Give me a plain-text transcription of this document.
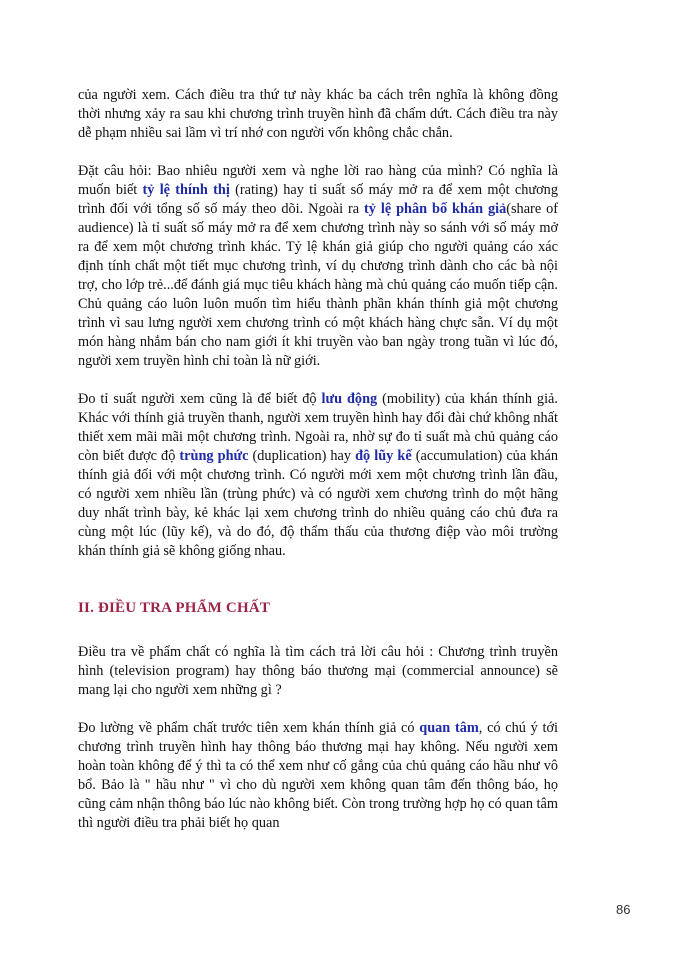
của người xem. Cách điều tra thứ tư này khác ba cách trên nghĩa là không đồng thời nhưng xảy ra sau khi chương trình truyền hình đã chấm dứt. Cách điều tra này dễ phạm nhiều sai lầm vì trí nhớ con người vốn không chắc chắn.

Đặt câu hỏi: Bao nhiêu người xem và nghe lời rao hàng của mình? Có nghĩa là muốn biết tỷ lệ thính thị (rating) hay tỉ suất số máy mở ra để xem một chương trình đối với tổng số số máy theo dõi. Ngoài ra tỷ lệ phân bố khán giả(share of audience) là tỉ suất số máy mở ra để xem chương trình này so sánh với số máy mở ra để xem một chương trình khác. Tỷ lệ khán giả giúp cho người quảng cáo xác định tính chất một tiết mục chương trình, ví dụ chương trình dành cho các bà nội trợ, cho lớp trẻ...để đánh giá mục tiêu khách hàng mà chủ quảng cáo muốn tiếp cận. Chủ quảng cáo luôn luôn muốn tìm hiểu thành phần khán thính giả một chương trình vì sau lưng người xem chương trình có một khách hàng chực sẵn. Ví dụ một món hàng nhắm bán cho nam giới ít khi truyền vào ban ngày trong tuần vì lúc đó, người xem truyền hình chỉ toàn là nữ giới.

Đo tỉ suất người xem cũng là để biết độ lưu động (mobility) của khán thính giả. Khác với thính giả truyền thanh, người xem truyền hình hay đổi đài chứ không nhất thiết xem mãi mãi một chương trình. Ngoài ra, nhờ sự đo tỉ suất mà chủ quảng cáo còn biết được độ trùng phức (duplication) hay độ lũy kế (accumulation) của khán thính giả đối với một chương trình. Có người mới xem một chương trình lần đầu, có người xem nhiều lần (trùng phức) và có người xem chương trình do một hãng duy nhất trình bày, kẻ khác lại xem chương trình do nhiều quảng cáo chủ đưa ra cùng một lúc (lũy kế), và do đó, độ thẩm thấu của thương điệp vào môi trường khán thính giả sẽ không giống nhau.

II. ĐIỀU TRA PHẨM CHẤT

Điều tra về phẩm chất có nghĩa là tìm cách trả lời câu hỏi : Chương trình truyền hình (television program) hay thông báo thương mại (commercial announce) sẽ mang lại cho người xem những gì ?

Đo lường về phẩm chất trước tiên xem khán thính giả có quan tâm, có chú ý tới chương trình truyền hình hay thông báo thương mại hay không. Nếu người xem hoàn toàn không để ý thì ta có thể xem như cố gắng của chủ quảng cáo hầu như vô bổ. Bảo là " hầu như " vì cho dù người xem không quan tâm đến thông báo, họ cũng cảm nhận thông báo lúc nào không biết. Còn trong trường hợp họ có quan tâm thì người điều tra phải biết họ quan

86
